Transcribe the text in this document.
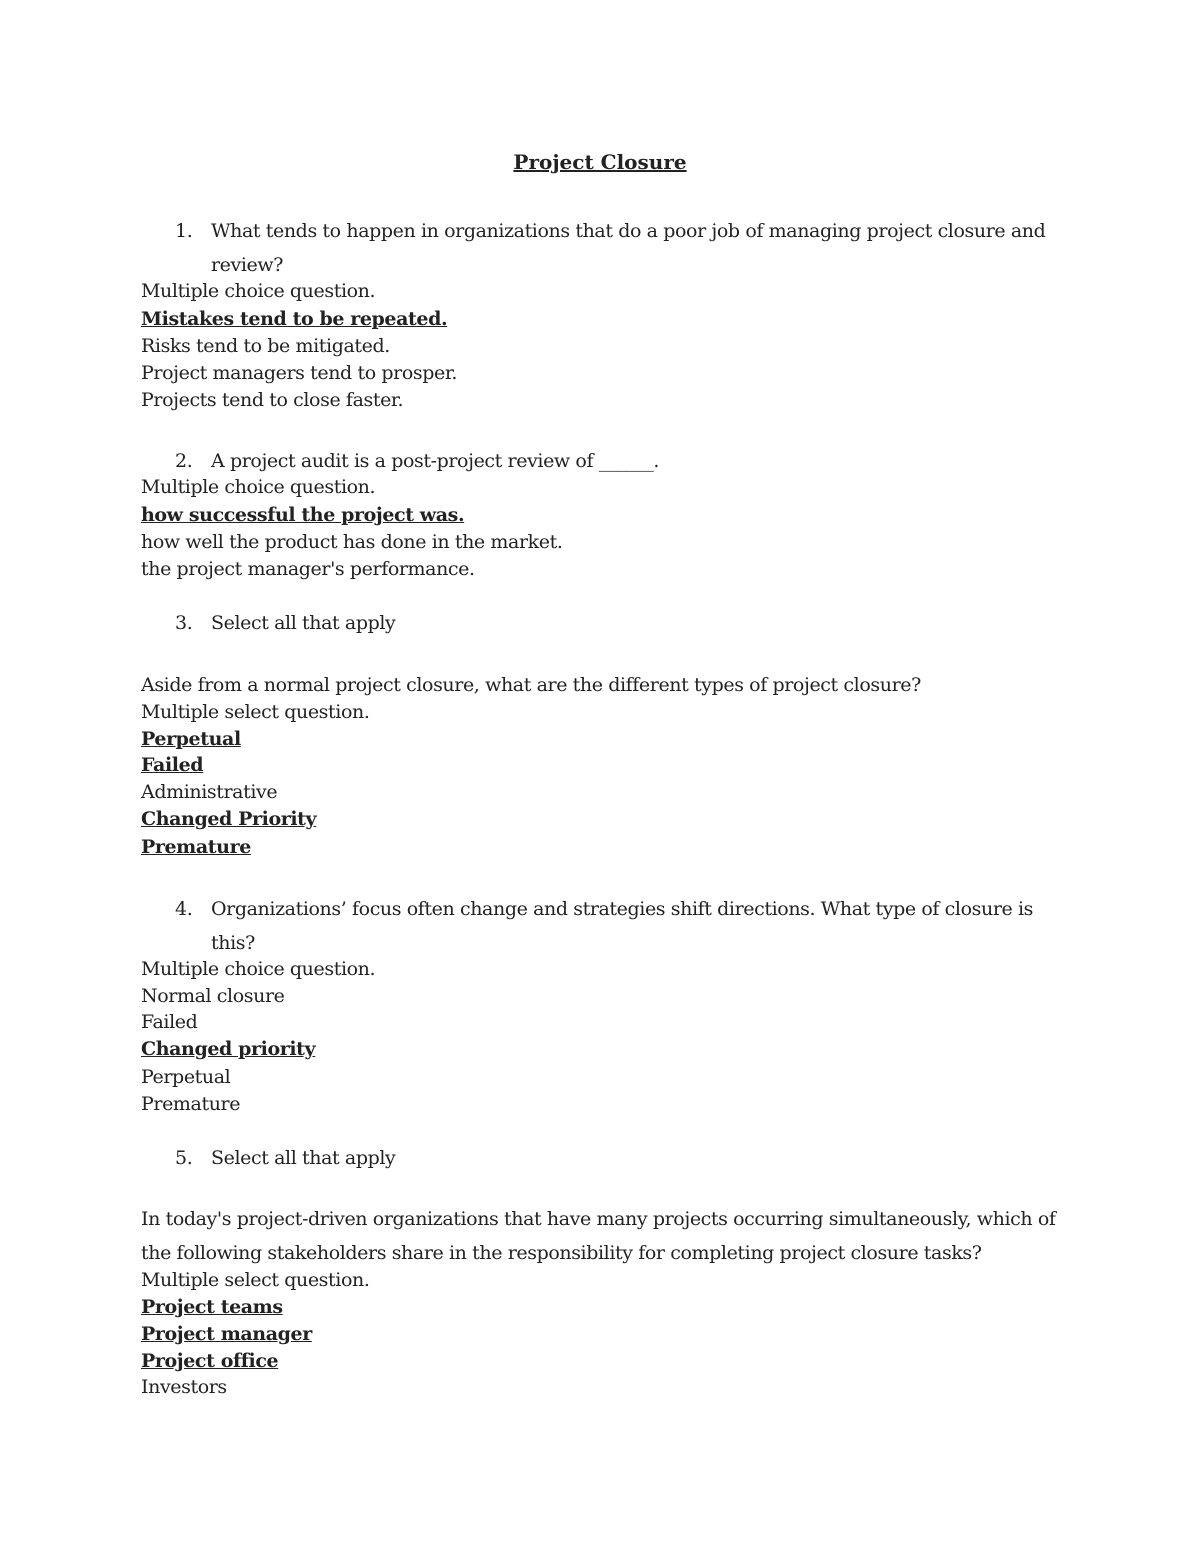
Project Closure
1. What tends to happen in organizations that do a poor job of managing project closure and review?
Multiple choice question.
Mistakes tend to be repeated.
Risks tend to be mitigated.
Project managers tend to prosper.
Projects tend to close faster.
2. A project audit is a post-project review of ______.
Multiple choice question.
how successful the project was.
how well the product has done in the market.
the project manager's performance.
3. Select all that apply
Aside from a normal project closure, what are the different types of project closure?
Multiple select question.
Perpetual
Failed
Administrative
Changed Priority
Premature
4. Organizations’ focus often change and strategies shift directions. What type of closure is this?
Multiple choice question.
Normal closure
Failed
Changed priority
Perpetual
Premature
5. Select all that apply
In today's project-driven organizations that have many projects occurring simultaneously, which of the following stakeholders share in the responsibility for completing project closure tasks?
Multiple select question.
Project teams
Project manager
Project office
Investors
